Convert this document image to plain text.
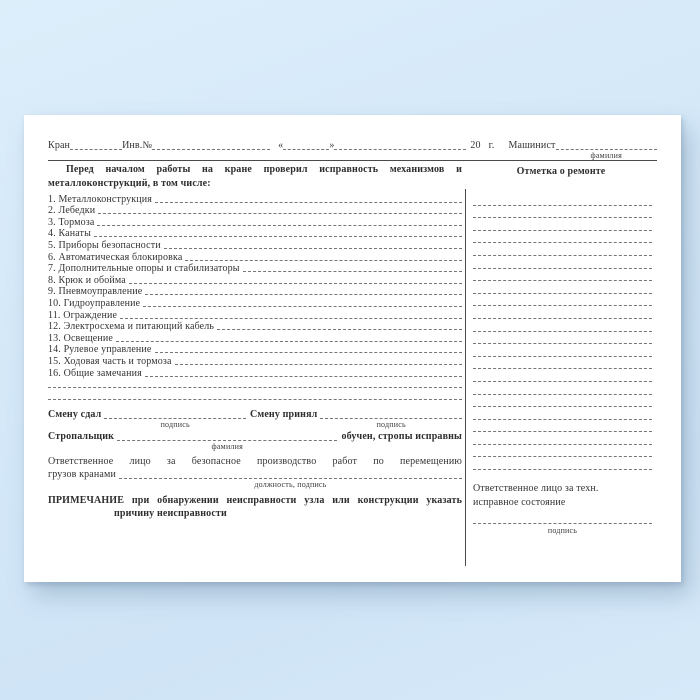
Кран	Инв.№	«	»	20 г. Машинист
фамилия
Перед началом работы на кране проверил исправность механизмов и
металлоконструкций, в том числе:
1. Металлоконструкция
2. Лебедки
3. Тормоза
4. Канаты
5. Приборы безопасности
6. Автоматическая блокировка
7. Дополнительные опоры и стабилизаторы
8. Крюк и обойма
9. Пневмоуправление
10. Гидроуправление
11. Ограждение
12. Электросхема и питающий кабель
13. Освещение
14. Рулевое управление
15. Ходовая часть и тормоза
16. Общие замечания
Смену сдал
подпись
Смену принял
подпись
Стропальщик
фамилия
обучен, стропы исправны
Ответственное лицо за безопасное производство работ по перемещению
грузов кранами
должность, подпись
ПРИМЕЧАНИЕ при обнаружении неисправности узла или конструкции указать
причину неисправности
Отметка о ремонте
Ответственное лицо за техн.
исправное состояние
подпись
